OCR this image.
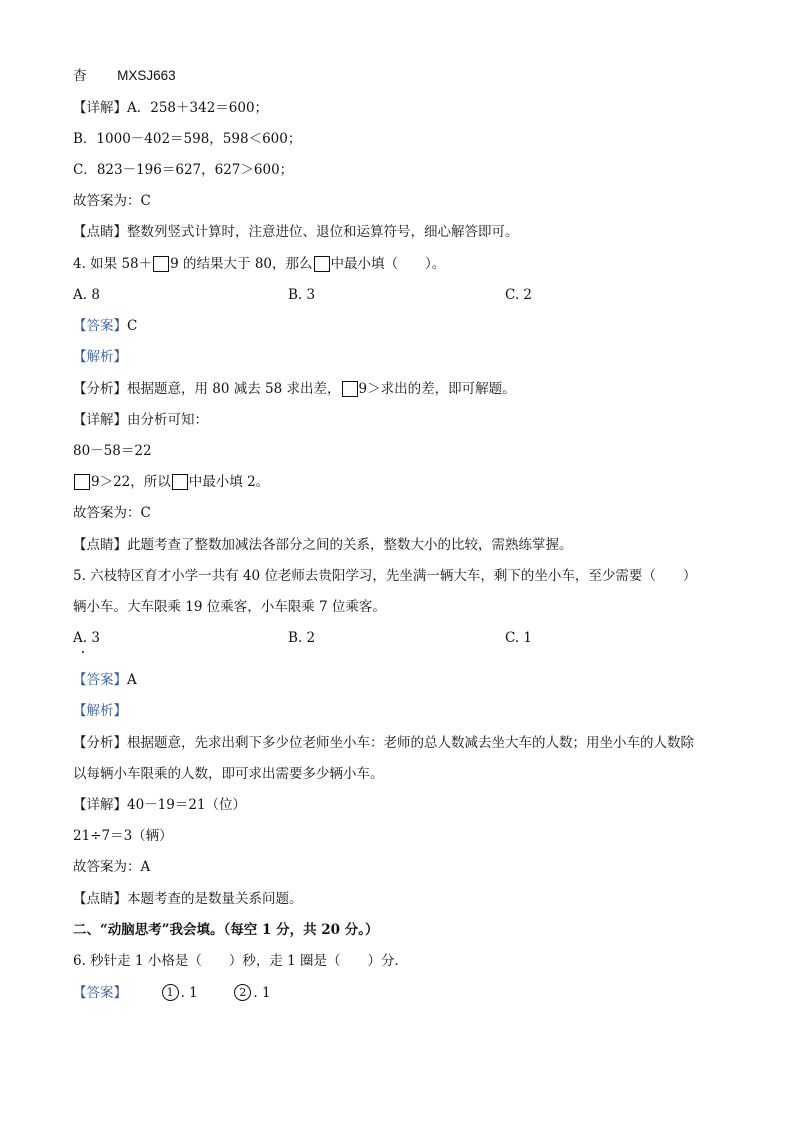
杳 MXSJ663
【详解】A．258＋342＝600；
B．1000－402＝598，598＜600；
C．823－196＝627，627＞600；
故答案为：C
【点睛】整数列竖式计算时，注意进位、退位和运算符号，细心解答即可。
4. 如果 58＋ 9 的结果大于 80，那么 中最小填（　　）。
A. 8	B. 3	C. 2
【答案】C
【解析】
【分析】根据题意，用 80 减去 58 求出差， 9＞求出的差，即可解题。
【详解】由分析可知：
80－58＝22
9＞22，所以 中最小填 2。
故答案为：C
【点睛】此题考查了整数加减法各部分之间的关系，整数大小的比较，需熟练掌握。
5. 六枝特区育才小学一共有 40 位老师去贵阳学习，先坐满一辆大车，剩下的坐小车，至少需要（　　）
辆小车。大车限乘 19 位乘客，小车限乘 7 位乘客。
A. 3	B. 2	C. 1
【答案】A
【解析】
【分析】根据题意，先求出剩下多少位老师坐小车：老师的总人数减去坐大车的人数；用坐小车的人数除
以每辆小车限乘的人数，即可求出需要多少辆小车。
【详解】40－19＝21（位）
21÷7＝3（辆）
故答案为：A
【点睛】本题考查的是数量关系问题。
二、“动脑思考”我会填。（每空 1 分，共 20 分。）
6. 秒针走 1 小格是（　　）秒，走 1 圈是（　　）分．
【答案】	1 . 1	2 . 1
